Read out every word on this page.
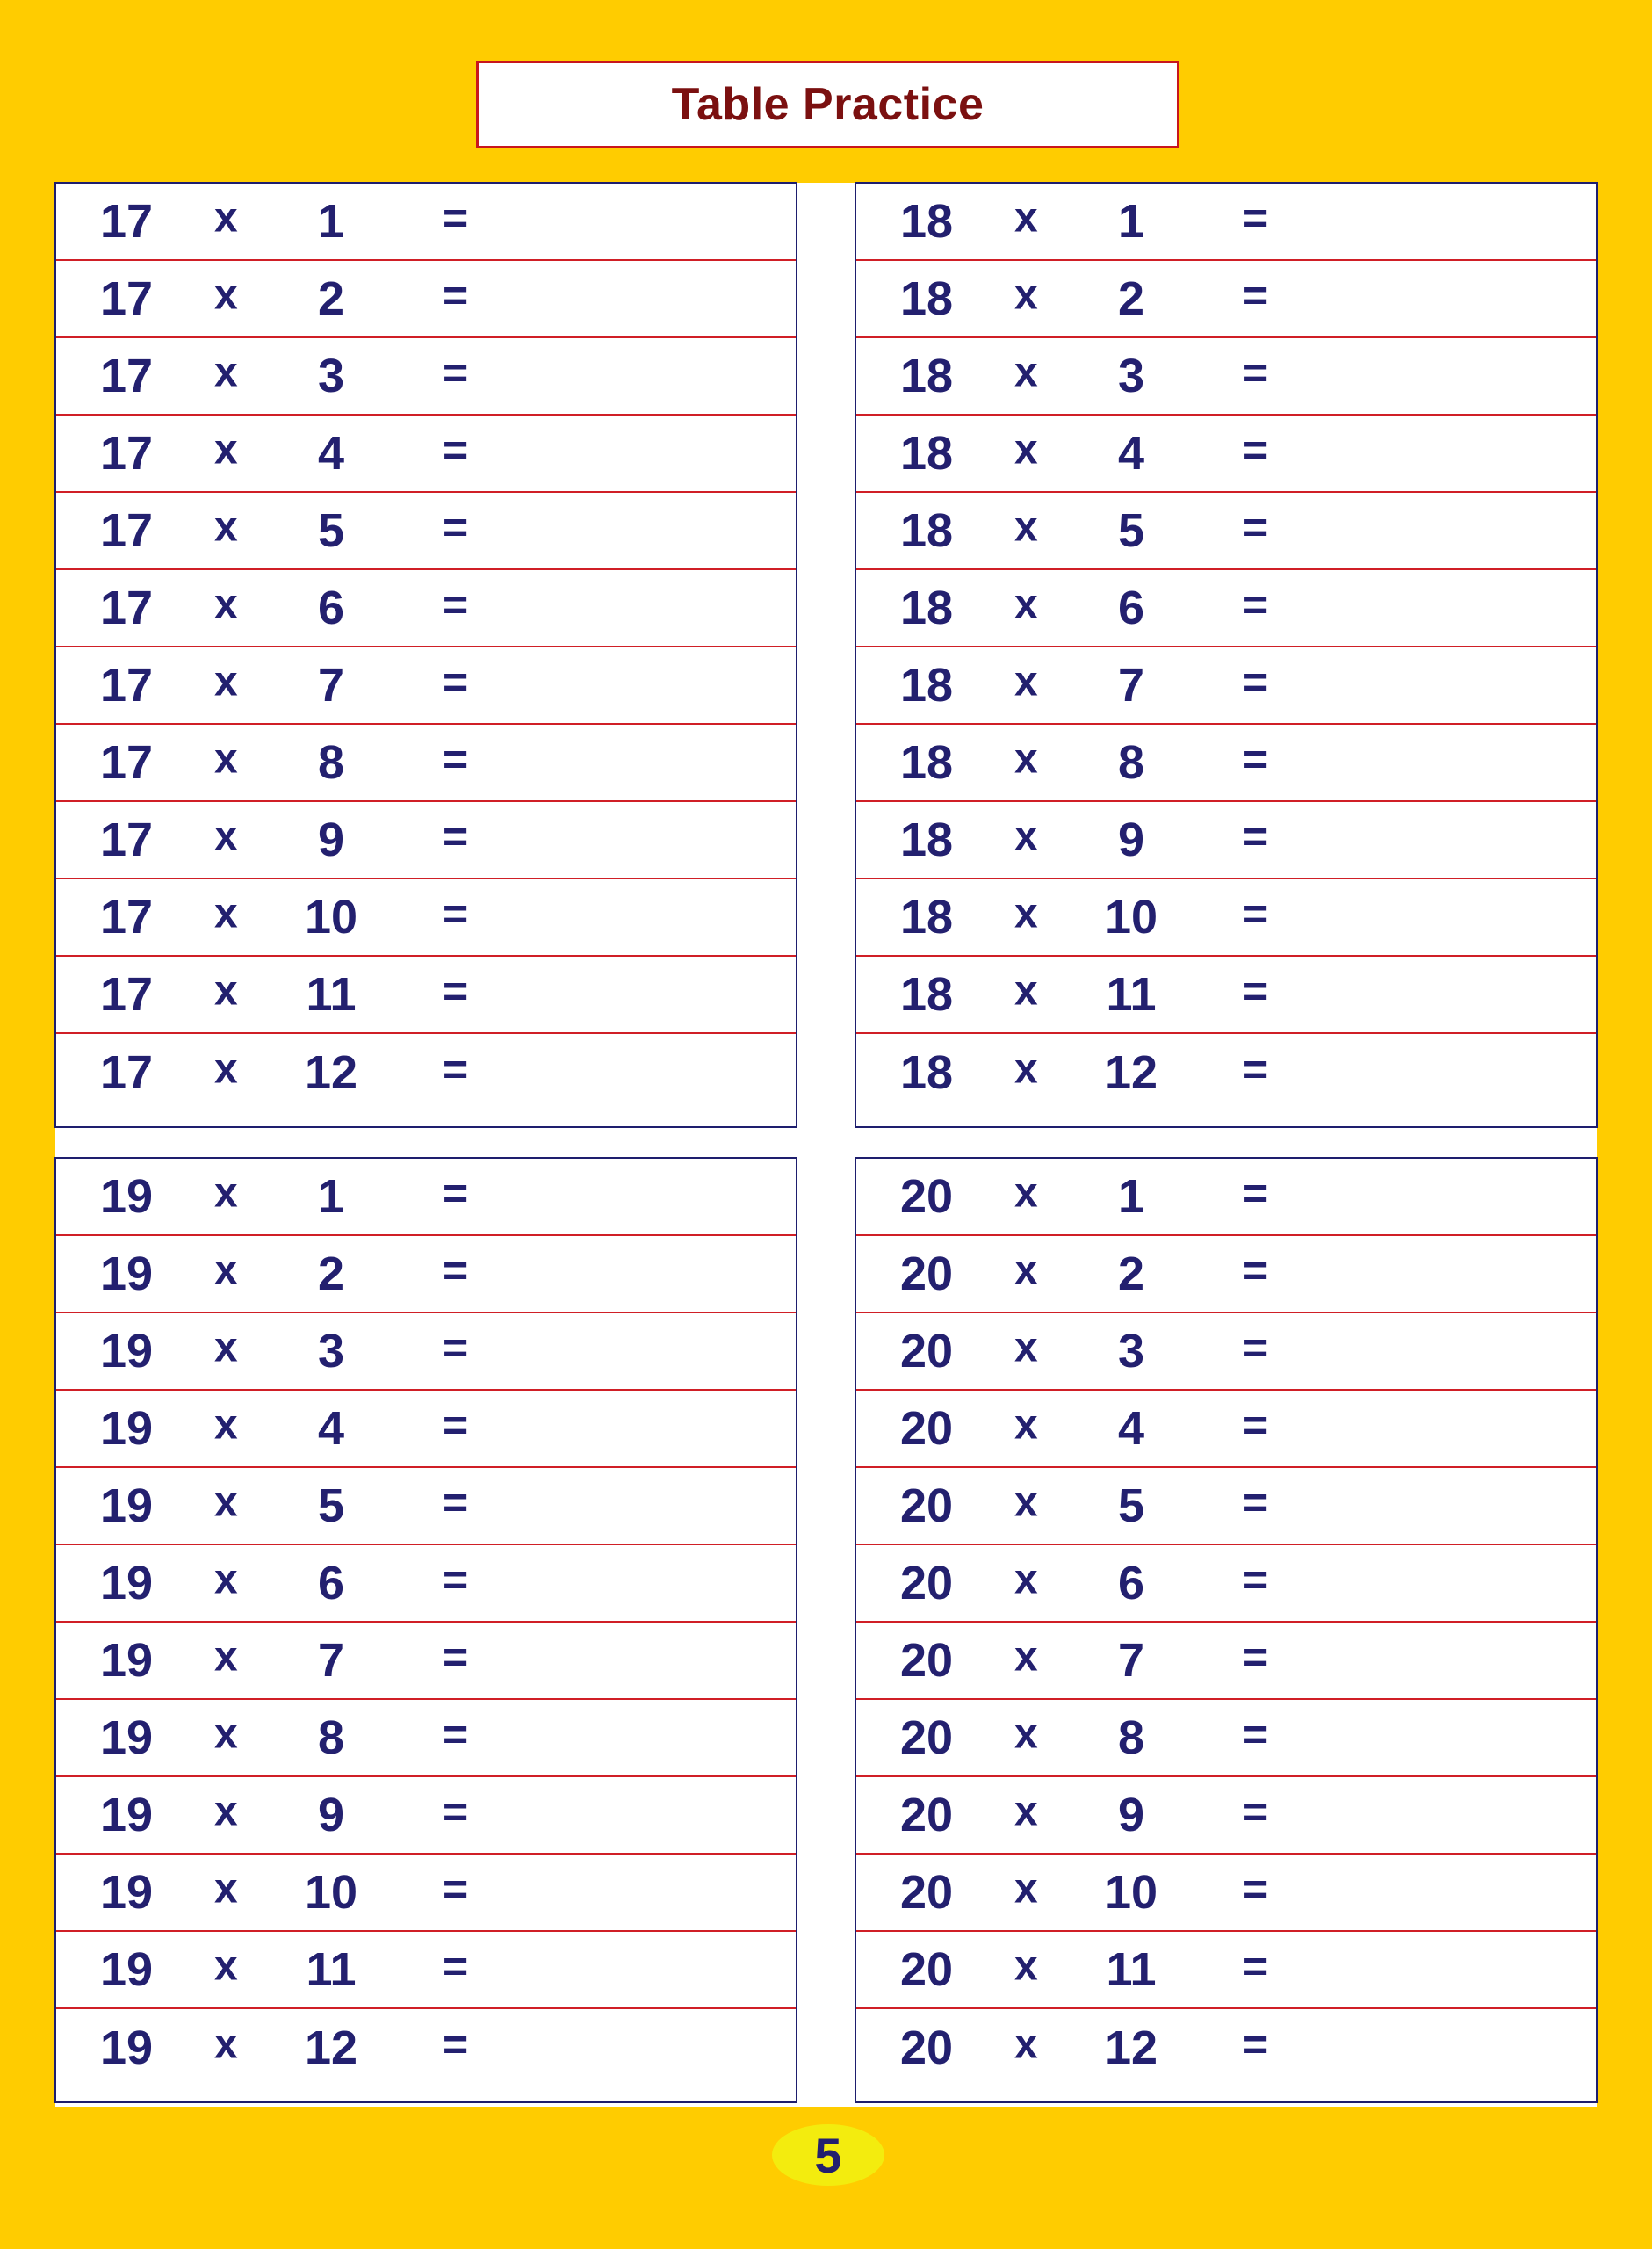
Table Practice
17 x	1	=
17 x	2	=
17 x	3	=
17 x	4	=
17 x	5	=
17 x	6	=
17 x	7	=
17 x	8	=
17 x	9	=
17 x 10 =
17 x 11 =
17 x 12 =
18 x	1	=
18 x	2	=
18 x	3	=
18 x	4	=
18 x	5	=
18 x	6	=
18 x	7	=
18 x	8	=
18 x	9	=
18 x 10 =
18 x 11 =
18 x 12 =
19 x	1	=
19 x	2	=
19 x	3	=
19 x	4	=
19 x	5	=
19 x	6	=
19 x	7	=
19 x	8	=
19 x	9	=
19 x 10 =
19 x 11 =
19 x 12 =
20 x	1	=
20 x	2	=
20 x	3	=
20 x	4	=
20 x	5	=
20 x	6	=
20 x	7	=
20 x	8	=
20 x	9	=
20 x 10 =
20 x 11 =
20 x 12 =
5
